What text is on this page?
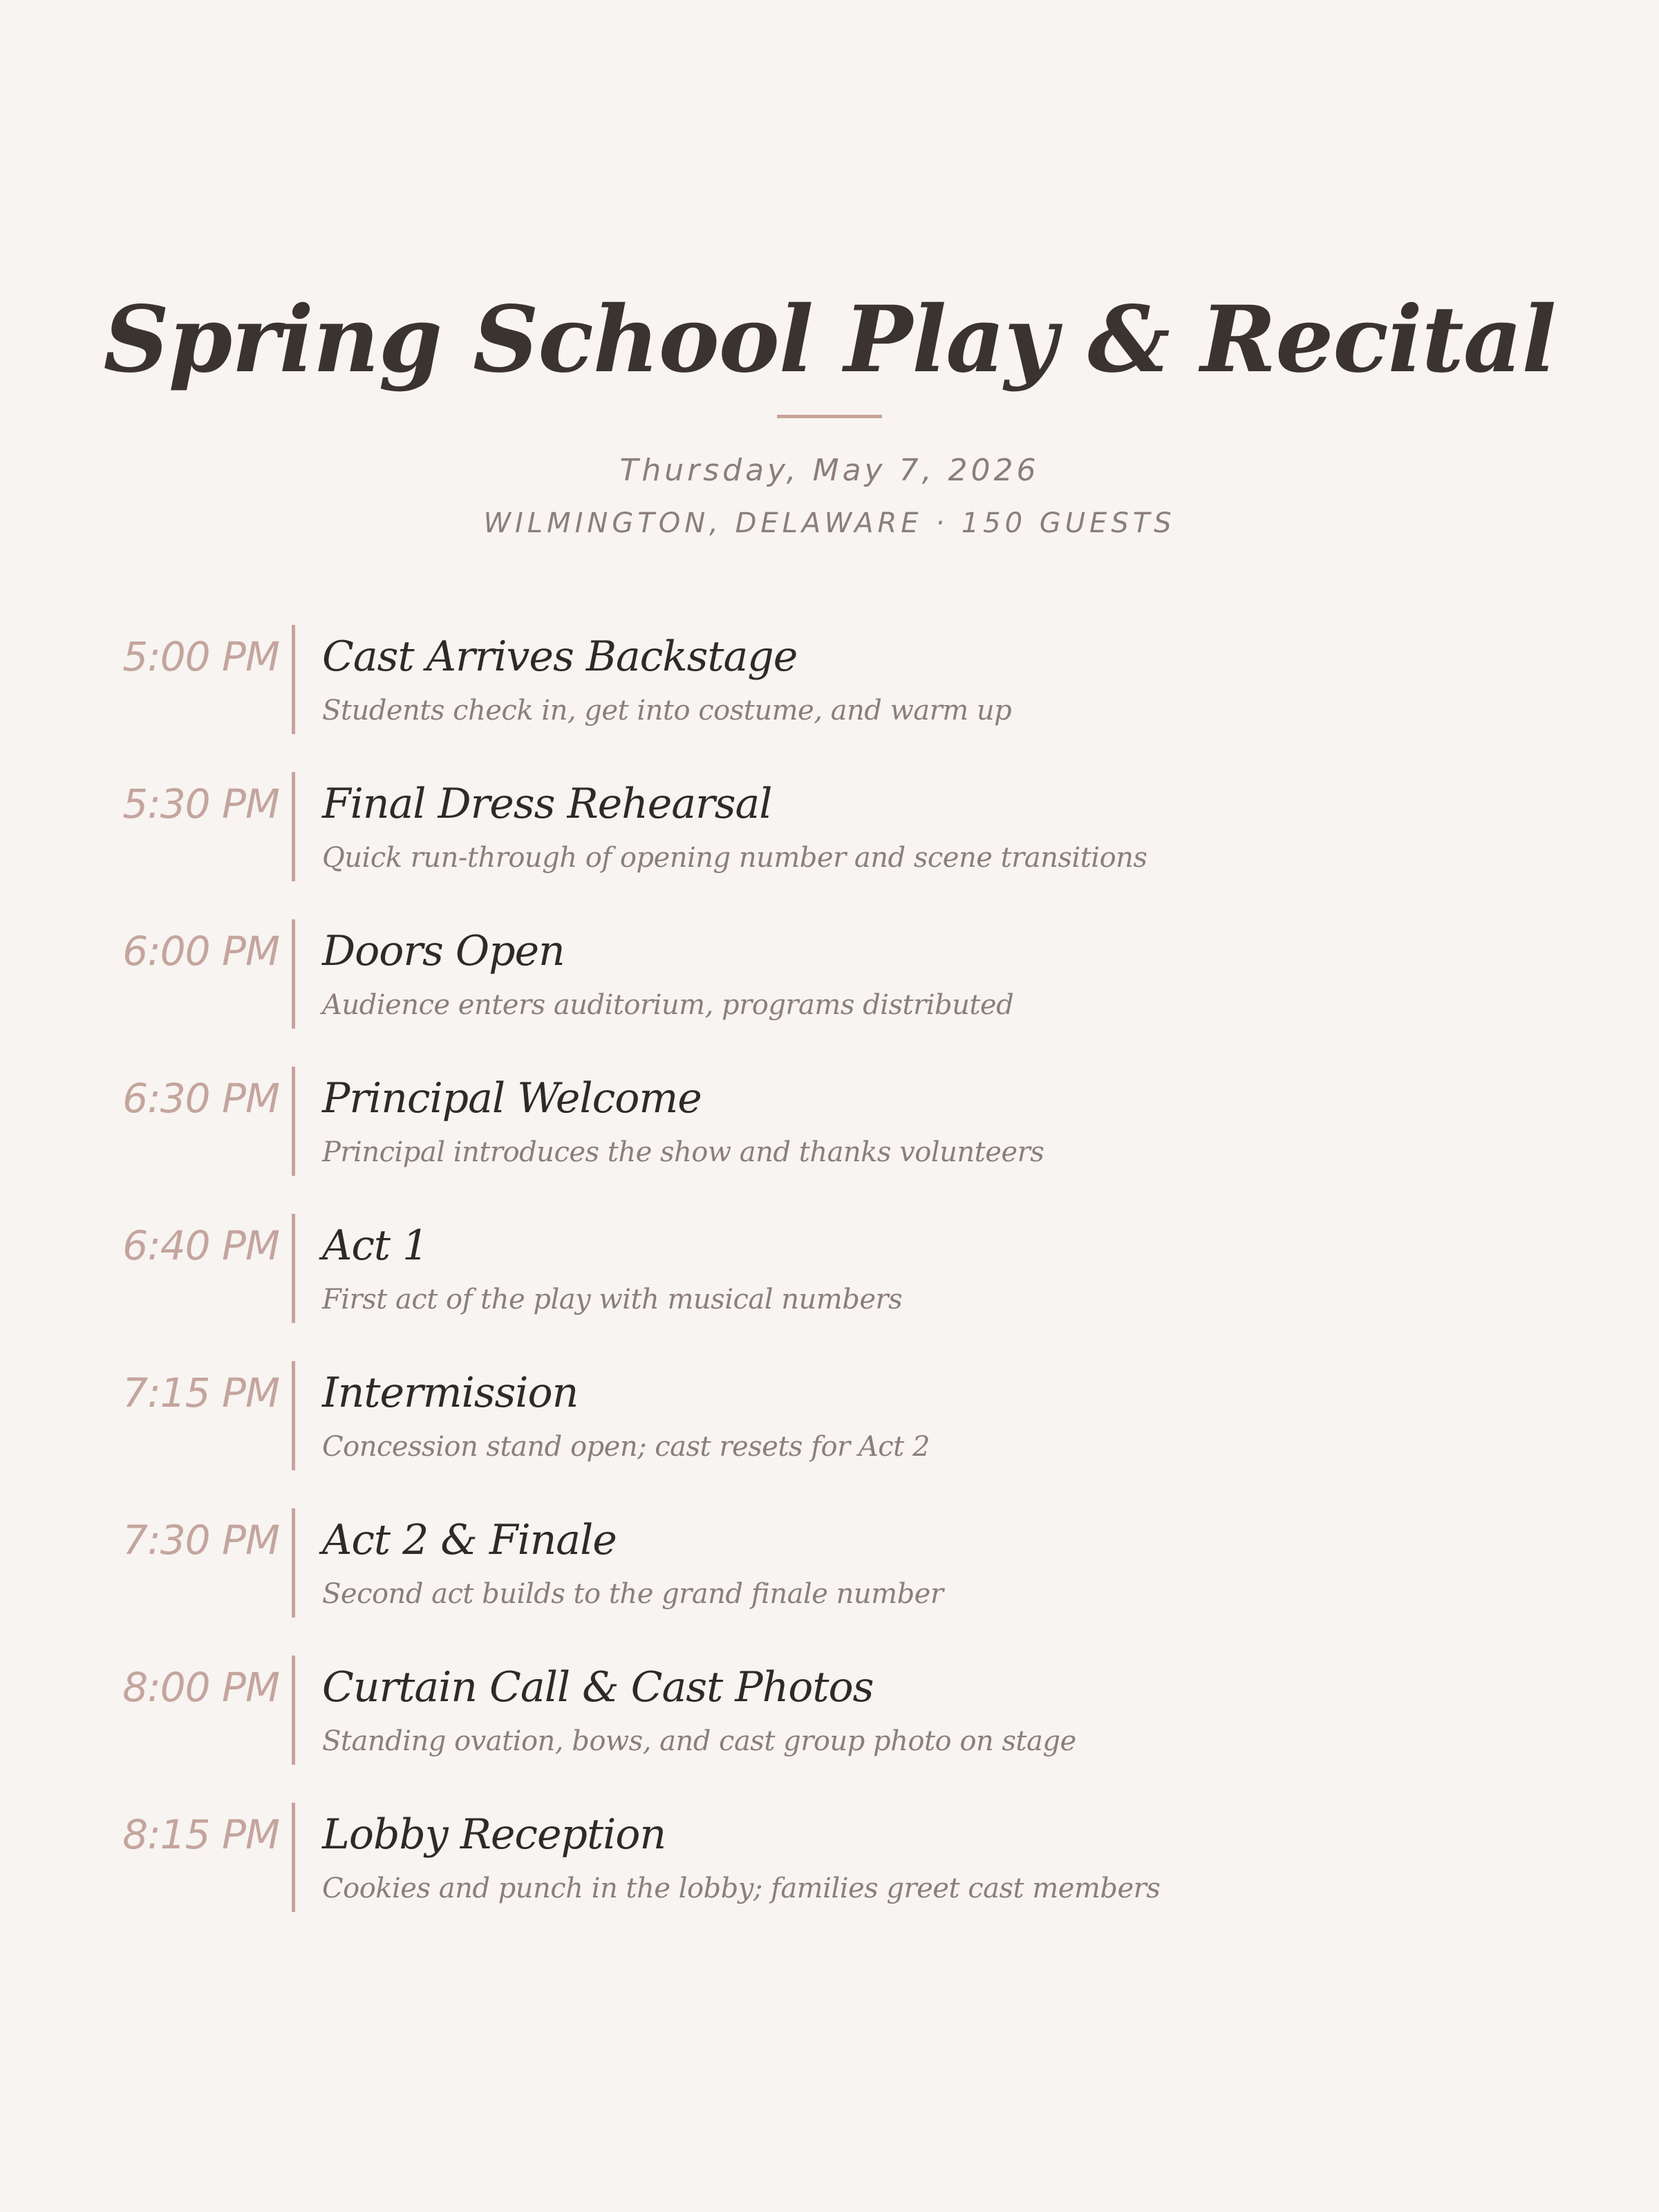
Spring School Play & Recital
Thursday, May 7, 2026
WILMINGTON, DELAWARE · 150 GUESTS
5:00 PM Cast Arrives Backstage
Students check in, get into costume, and warm up
5:30 PM Final Dress Rehearsal
Quick run-through of opening number and scene transitions
6:00 PM Doors Open
Audience enters auditorium, programs distributed
6:30 PM Principal Welcome
Principal introduces the show and thanks volunteers
6:40 PM Act 1
First act of the play with musical numbers
7:15 PM Intermission
Concession stand open; cast resets for Act 2
7:30 PM Act 2 & Finale
Second act builds to the grand finale number
8:00 PM Curtain Call & Cast Photos
Standing ovation, bows, and cast group photo on stage
8:15 PM Lobby Reception
Cookies and punch in the lobby; families greet cast members
